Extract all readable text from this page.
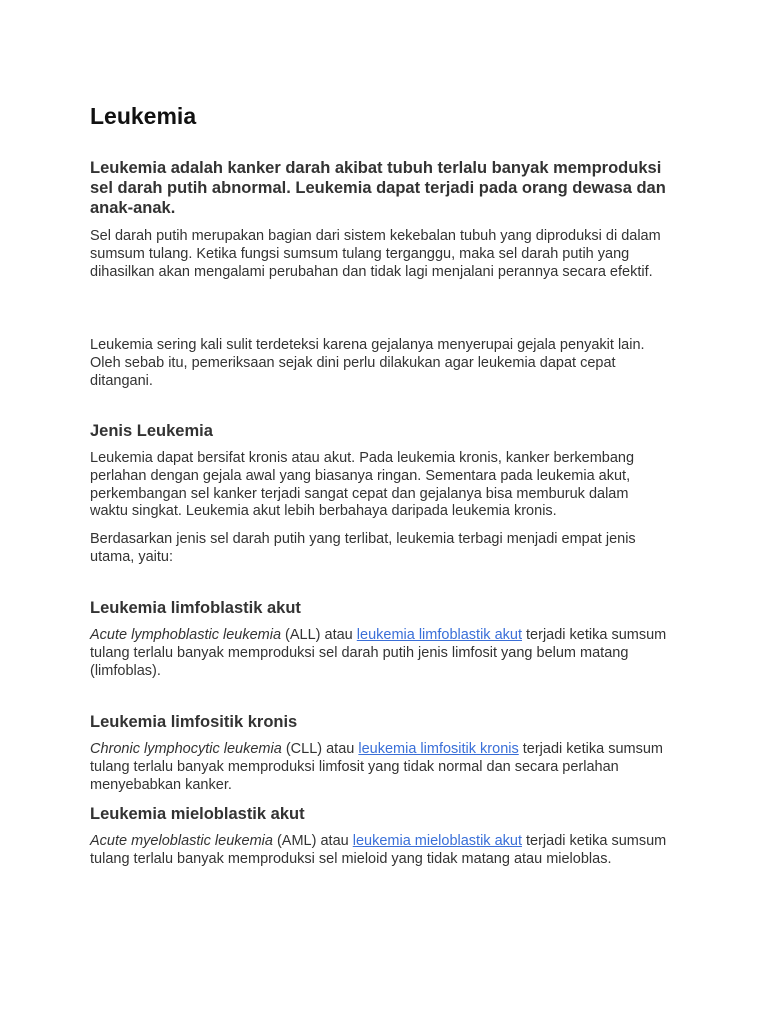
Leukemia

Leukemia adalah kanker darah akibat tubuh terlalu banyak memproduksi sel darah putih abnormal. Leukemia dapat terjadi pada orang dewasa dan anak-anak.

Sel darah putih merupakan bagian dari sistem kekebalan tubuh yang diproduksi di dalam sumsum tulang. Ketika fungsi sumsum tulang terganggu, maka sel darah putih yang dihasilkan akan mengalami perubahan dan tidak lagi menjalani perannya secara efektif.

Leukemia sering kali sulit terdeteksi karena gejalanya menyerupai gejala penyakit lain. Oleh sebab itu, pemeriksaan sejak dini perlu dilakukan agar leukemia dapat cepat ditangani.

Jenis Leukemia

Leukemia dapat bersifat kronis atau akut. Pada leukemia kronis, kanker berkembang perlahan dengan gejala awal yang biasanya ringan. Sementara pada leukemia akut, perkembangan sel kanker terjadi sangat cepat dan gejalanya bisa memburuk dalam waktu singkat. Leukemia akut lebih berbahaya daripada leukemia kronis.

Berdasarkan jenis sel darah putih yang terlibat, leukemia terbagi menjadi empat jenis utama, yaitu:

Leukemia limfoblastik akut

Acute lymphoblastic leukemia (ALL) atau leukemia limfoblastik akut terjadi ketika sumsum tulang terlalu banyak memproduksi sel darah putih jenis limfosit yang belum matang (limfoblas).

Leukemia limfositik kronis

Chronic lymphocytic leukemia (CLL) atau leukemia limfositik kronis terjadi ketika sumsum tulang terlalu banyak memproduksi limfosit yang tidak normal dan secara perlahan menyebabkan kanker.

Leukemia mieloblastik akut

Acute myeloblastic leukemia (AML) atau leukemia mieloblastik akut terjadi ketika sumsum tulang terlalu banyak memproduksi sel mieloid yang tidak matang atau mieloblas.
